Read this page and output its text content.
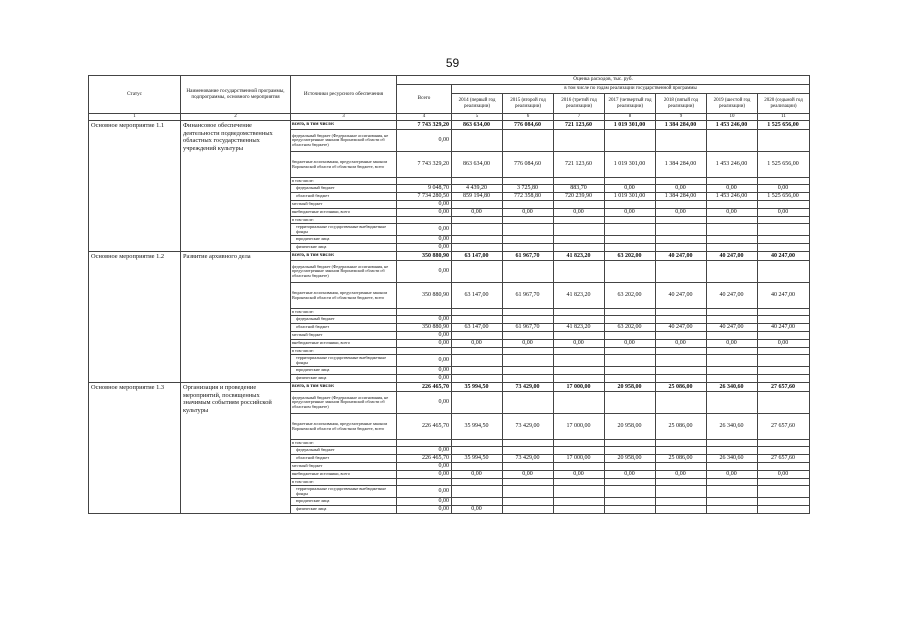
59
Статус	Наименование государственной программы, подпрограммы, основного мероприятия	Источники ресурсного обеспечения	Оценка расходов, тыс. руб.							
			Всего	в том числе по годам реализации государственной программы						
				2014 (первый год реализации)	2015 (второй год реализации)	2016 (третий год реализации)	2017 (четвертый год реализации)	2018 (пятый год реализации)	2019 (шестой год реализации)	2020 (седьмой год реализации)
1	2	3	4	5	6	7	8	9	10	11
Основное мероприятие 1.1	Финансовое обеспечение деятельности подведомственных областных государственных учреждений культуры	всего, в том числе:	7 743 329,20	863 634,00	776 084,60	721 123,60	1 019 301,00	1 384 284,00	1 453 246,00	1 525 656,00
		федеральный бюджет (Федеральные ассигнования, не предусмотренные законом Воронежской области об областном бюджете)	0,00							
		бюджетные ассигнования, предусмотренные законом Воронежской области об областном бюджете, всего	7 743 329,20	863 634,00	776 084,60	721 123,60	1 019 301,00	1 384 284,00	1 453 246,00	1 525 656,00
		в том числе:								
		федеральный бюджет	9 048,70	4 439,20	3 725,80	883,70	0,00	0,00	0,00	0,00
		областной бюджет	7 734 280,50	859 194,80	772 358,80	720 239,90	1 019 301,00	1 384 284,00	1 453 246,00	1 525 656,00
		местный бюджет	0,00							
		внебюджетные источники, всего	0,00	0,00	0,00	0,00	0,00	0,00	0,00	0,00
		в том числе:								
		территориальные государственные внебюджетные фонды	0,00							
		юридические лица	0,00							
		физические лица	0,00							
Основное мероприятие 1.2	Развитие архивного дела	всего, в том числе:	350 880,90	63 147,00	61 967,70	41 823,20	63 202,00	40 247,00	40 247,00	40 247,00
		федеральный бюджет (Федеральные ассигнования, не предусмотренные законом Воронежской области об областном бюджете)	0,00							
		бюджетные ассигнования, предусмотренные законом Воронежской области об областном бюджете, всего	350 880,90	63 147,00	61 967,70	41 823,20	63 202,00	40 247,00	40 247,00	40 247,00
		в том числе:								
		федеральный бюджет	0,00							
		областной бюджет	350 880,90	63 147,00	61 967,70	41 823,20	63 202,00	40 247,00	40 247,00	40 247,00
		местный бюджет	0,00							
		внебюджетные источники, всего	0,00	0,00	0,00	0,00	0,00	0,00	0,00	0,00
		в том числе:								
		территориальные государственные внебюджетные фонды	0,00							
		юридические лица	0,00							
		физические лица	0,00							
Основное мероприятие 1.3	Организация и проведение мероприятий, посвященных значимым событиям российской культуры	всего, в том числе:	226 465,70	35 994,50	73 429,00	17 000,00	20 958,00	25 086,00	26 340,60	27 657,60
		федеральный бюджет (Федеральные ассигнования, не предусмотренные законом Воронежской области об областном бюджете)	0,00							
		бюджетные ассигнования, предусмотренные законом Воронежской области об областном бюджете, всего	226 465,70	35 994,50	73 429,00	17 000,00	20 958,00	25 086,00	26 340,60	27 657,60
		в том числе:								
		федеральный бюджет	0,00							
		областной бюджет	226 465,70	35 994,50	73 429,00	17 000,00	20 958,00	25 086,00	26 340,60	27 657,60
		местный бюджет	0,00							
		внебюджетные источники, всего	0,00	0,00	0,00	0,00	0,00	0,00	0,00	0,00
		в том числе:								
		территориальные государственные внебюджетные фонды	0,00							
		юридические лица	0,00							
		физические лица	0,00	0,00						
